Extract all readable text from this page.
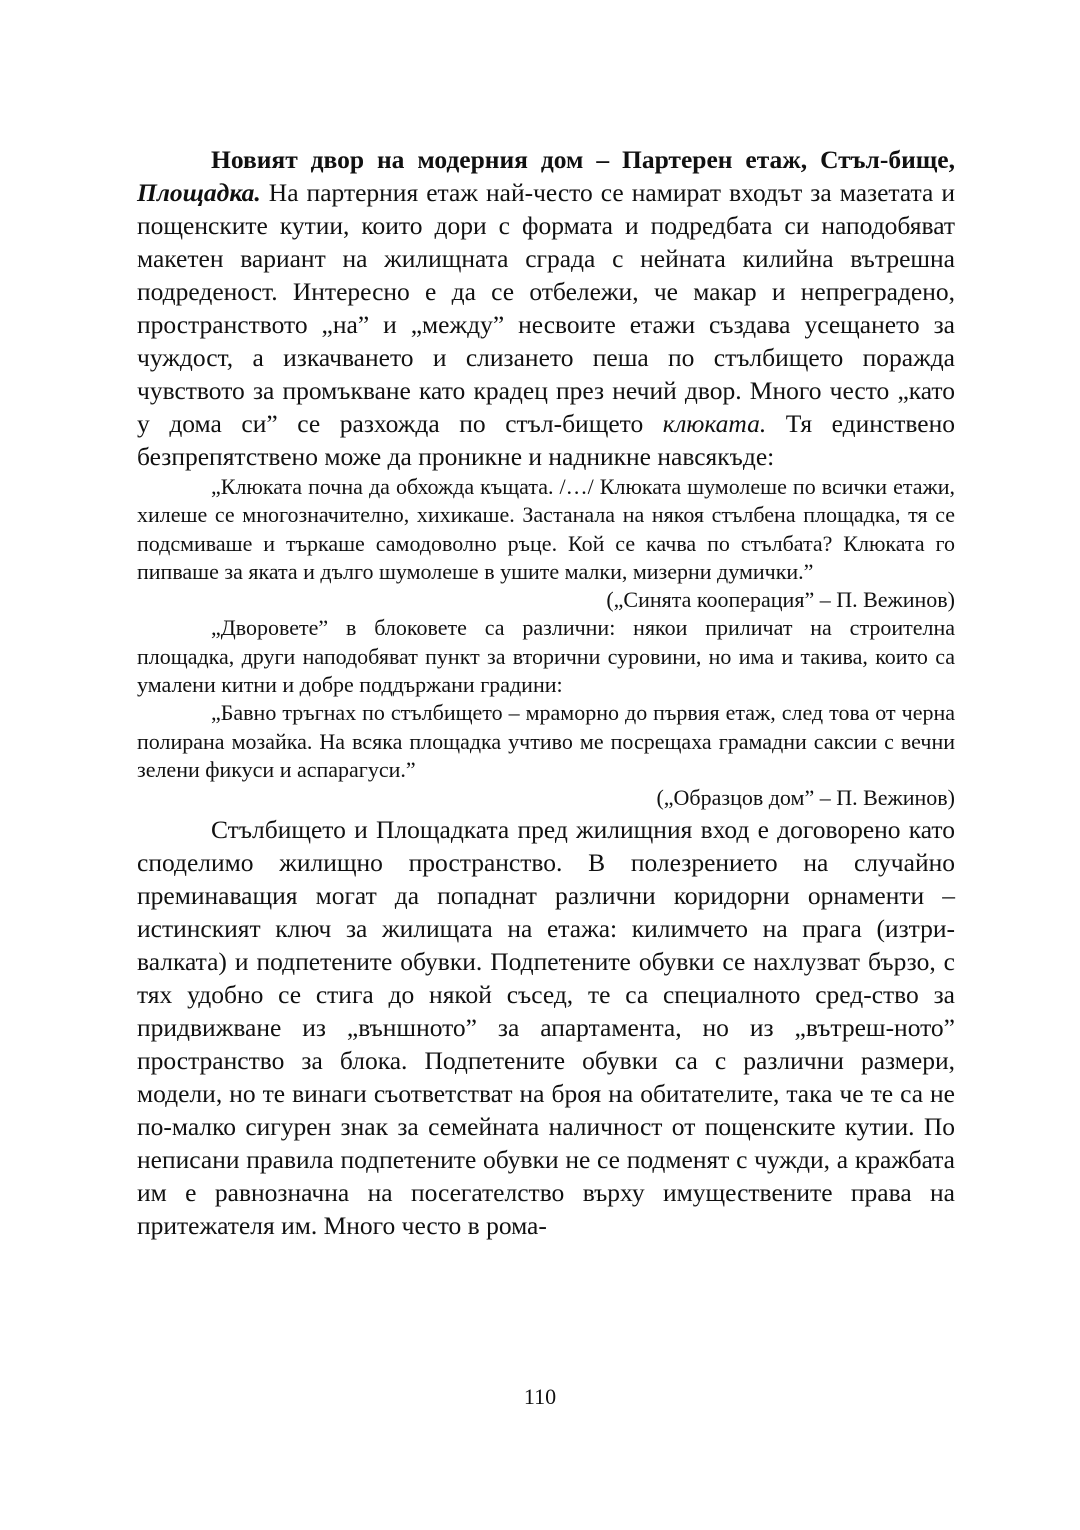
Новият двор на модерния дом – Партерен етаж, Стъл-бище, Площадка. На партерния етаж най-често се намират входът за мазетата и пощенските кутии, които дори с формата и подредбата си наподобяват макетен вариант на жилищната сграда с нейната килийна вътрешна подреденост. Интересно е да се отбележи, че макар и непреградено, пространството „на” и „между” несвоите етажи създава усещането за чуждост, а изкачването и слизането пеша по стълбището поражда чувството за промъкване като крадец през нечий двор. Много често „като у дома си” се разхожда по стъл-бището клюката. Тя единствено безпрепятствено може да проникне и надникне навсякъде:

„Клюката почна да обхожда къщата. /…/ Клюката шумолеше по всички етажи, хилеше се многозначително, хихикаше. Застанала на някоя стълбена площадка, тя се подсмиваше и търкаше самодоволно ръце. Кой се качва по стълбата? Клюката го пипваше за яката и дълго шумолеше в ушите малки, мизерни думички.”

(„Синята кооперация” – П. Вежинов)

„Дворовете” в блоковете са различни: някои приличат на строителна площадка, други наподобяват пункт за вторични суровини, но има и такива, които са умалени китни и добре поддържани градини:

„Бавно тръгнах по стълбището – мраморно до първия етаж, след това от черна полирана мозайка. На всяка площадка учтиво ме посрещаха грамадни саксии с вечни зелени фикуси и аспарагуси.”

(„Образцов дом” – П. Вежинов)

Стълбището и Площадката пред жилищния вход е договорено като споделимо жилищно пространство. В полезрението на случайно преминаващия могат да попаднат различни коридорни орнаменти – истинският ключ за жилищата на етажа: килимчето на прага (изтри-валката) и подпетените обувки. Подпетените обувки се нахлузват бързо, с тях удобно се стига до някой съсед, те са специалното сред-ство за придвижване из „външното” за апартамента, но из „вътреш-ното” пространство за блока. Подпетените обувки са с различни размери, модели, но те винаги съответстват на броя на обитателите, така че те са не по-малко сигурен знак за семейната наличност от пощенските кутии. По неписани правила подпетените обувки не се подменят с чужди, а кражбата им е равнозначна на посегателство върху имуществените права на притежателя им. Много често в рома-

110
